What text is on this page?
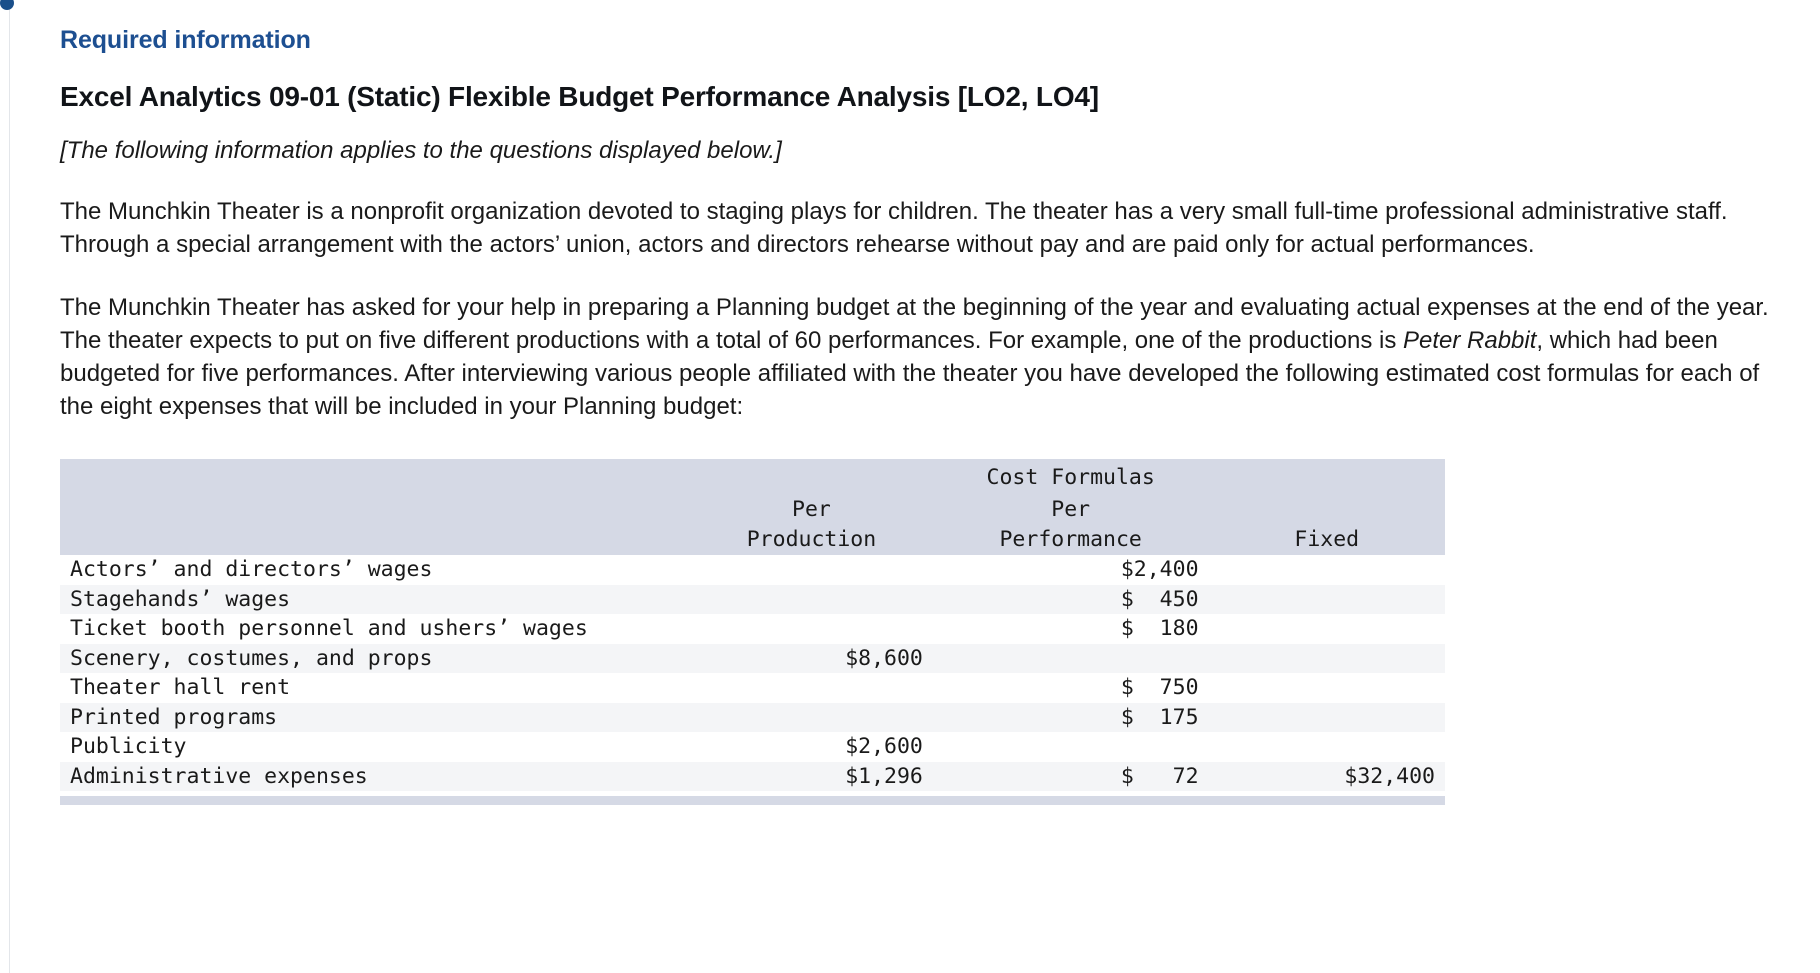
Required information
Excel Analytics 09-01 (Static) Flexible Budget Performance Analysis [LO2, LO4]
[The following information applies to the questions displayed below.]

The Munchkin Theater is a nonprofit organization devoted to staging plays for children. The theater has a very small full-time professional administrative staff. Through a special arrangement with the actors’ union, actors and directors rehearse without pay and are paid only for actual performances.

The Munchkin Theater has asked for your help in preparing a Planning budget at the beginning of the year and evaluating actual expenses at the end of the year. The theater expects to put on five different productions with a total of 60 performances. For example, one of the productions is Peter Rabbit, which had been budgeted for five performances. After interviewing various people affiliated with the theater you have developed the following estimated cost formulas for each of the eight expenses that will be included in your Planning budget:

		Cost Formulas	
	Per	Per	
	Production	Performance	Fixed
Actors’ and directors’ wages		$2,400	
Stagehands’ wages		$  450	
Ticket booth personnel and ushers’ wages		$  180	
Scenery, costumes, and props	$8,600		
Theater hall rent		$  750	
Printed programs		$  175	
Publicity	$2,600		
Administrative expenses	$1,296	$   72	$32,400
